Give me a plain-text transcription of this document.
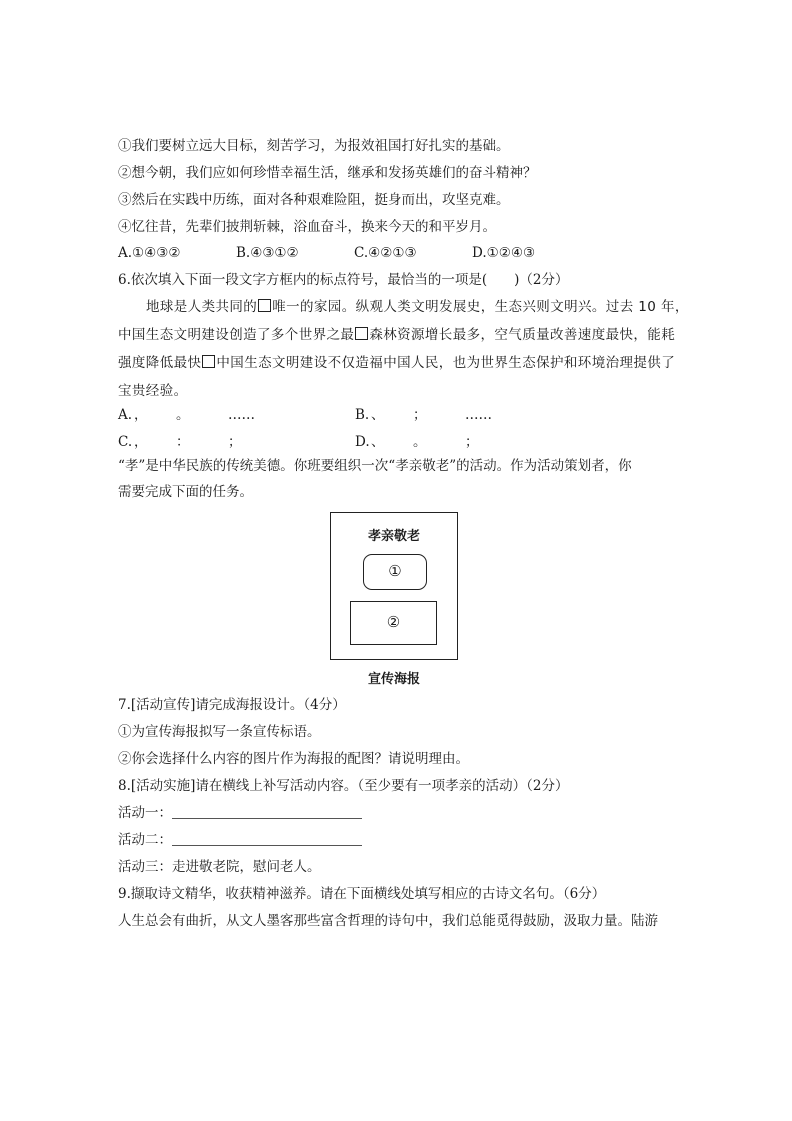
①我们要树立远大目标，刻苦学习，为报效祖国打好扎实的基础。
②想今朝，我们应如何珍惜幸福生活，继承和发扬英雄们的奋斗精神？
③然后在实践中历练，面对各种艰难险阻，挺身而出，攻坚克难。
④忆往昔，先辈们披荆斩棘，浴血奋斗，换来今天的和平岁月。
A.①④③②	B.④③①②	C.④②①③	D.①②④③
6.依次填入下面一段文字方框内的标点符号，最恰当的一项是(　　)（2分）
地球是人类共同的 唯一的家园。纵观人类文明发展史，生态兴则文明兴。过去 10 年，
中国生态文明建设创造了多个世界之最 森林资源增长最多，空气质量改善速度最快，能耗
强度降低最快 中国生态文明建设不仅造福中国人民，也为世界生态保护和环境治理提供了
宝贵经验。
A. ， 。	……	B. 、 ；	……
C. ， ：	；	D. 、 。	；
“孝”是中华民族的传统美德。你班要组织一次“孝亲敬老”的活动。作为活动策划者，你
需要完成下面的任务。
孝亲敬老
①
②
宣传海报
7.[活动宣传]请完成海报设计。（4分）
①为宣传海报拟写一条宣传标语。
②你会选择什么内容的图片作为海报的配图？请说明理由。
8.[活动实施]请在横线上补写活动内容。（至少要有一项孝亲的活动）（2分）
活动一：
活动二：
活动三：走进敬老院，慰问老人。
9.撷取诗文精华，收获精神滋养。请在下面横线处填写相应的古诗文名句。（6分）
人生总会有曲折，从文人墨客那些富含哲理的诗句中，我们总能觅得鼓励，汲取力量。陆游
